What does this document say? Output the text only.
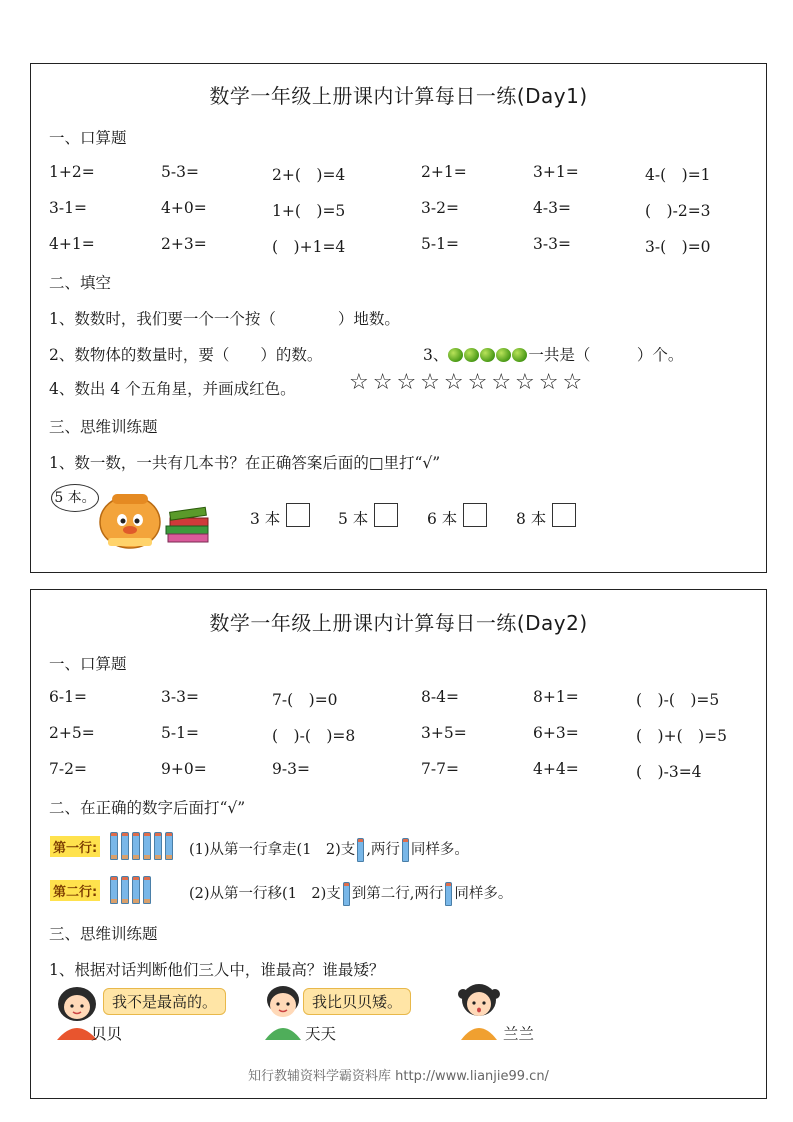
数学一年级上册课内计算每日一练(Day1)
一、口算题
1+2=	5-3=	2+(　)=4	2+1=	3+1=	4-(　)=1
3-1=	4+0=	1+(　)=5	3-2=	4-3=	(　)-2=3
4+1=	2+3=	(　)+1=4	5-1=	3-3=	3-(　)=0
二、填空
1、数数时，我们要一个一个按（　　　　）地数。
2、数物体的数量时，要（　　）的数。	3、	一共是（　　　）个。
4、数出 4 个五角星，并画成红色。 ☆☆☆☆☆☆☆☆☆☆
三、思维训练题
1、数一数，一共有几本书？在正确答案后面的□里打“√”
5 本。
3 本	5 本	6 本	8 本
数学一年级上册课内计算每日一练(Day2)
一、口算题
6-1=	3-3=	7-(　)=0	8-4=	8+1=	(　)-(　)=5
2+5=	5-1=	(　)-(　)=8	3+5=	6+3=	(　)+(　)=5
7-2=	9+0=	9-3=	7-7=	4+4=	(　)-3=4
二、在正确的数字后面打“√”
第一行:	(1)从第一行拿走(1　2)支 ,两行 同样多。
第二行:	(2)从第一行移(1　2)支 到第二行,两行 同样多。
三、思维训练题
1、根据对话判断他们三人中，谁最高？谁最矮？
我不是最高的。
贝贝
我比贝贝矮。
天天	兰兰
知行教辅资料学霸资料库 http://www.lianjie99.cn/
